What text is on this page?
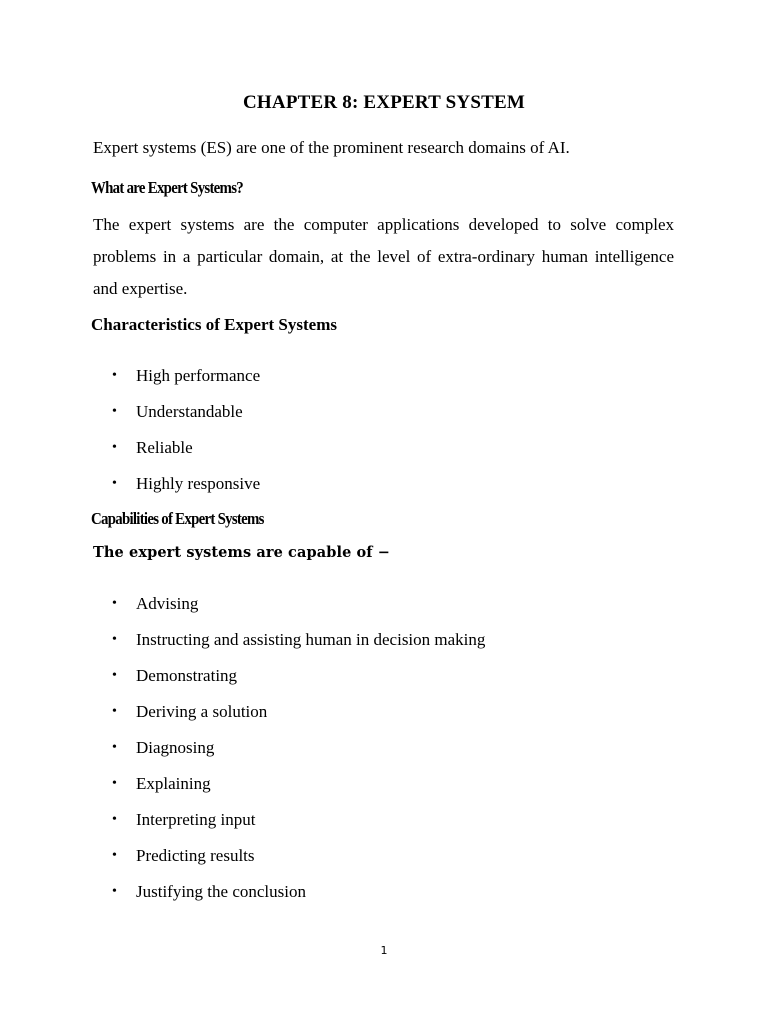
CHAPTER 8: EXPERT SYSTEM

Expert systems (ES) are one of the prominent research domains of AI.

What are Expert Systems?

The expert systems are the computer applications developed to solve complex problems in a particular domain, at the level of extra-ordinary human intelligence and expertise.

Characteristics of Expert Systems
• High performance
• Understandable
• Reliable
• Highly responsive
Capabilities of Expert Systems

The expert systems are capable of −

• Advising
• Instructing and assisting human in decision making
• Demonstrating
• Deriving a solution
• Diagnosing
• Explaining
• Interpreting input
• Predicting results
• Justifying the conclusion

1
